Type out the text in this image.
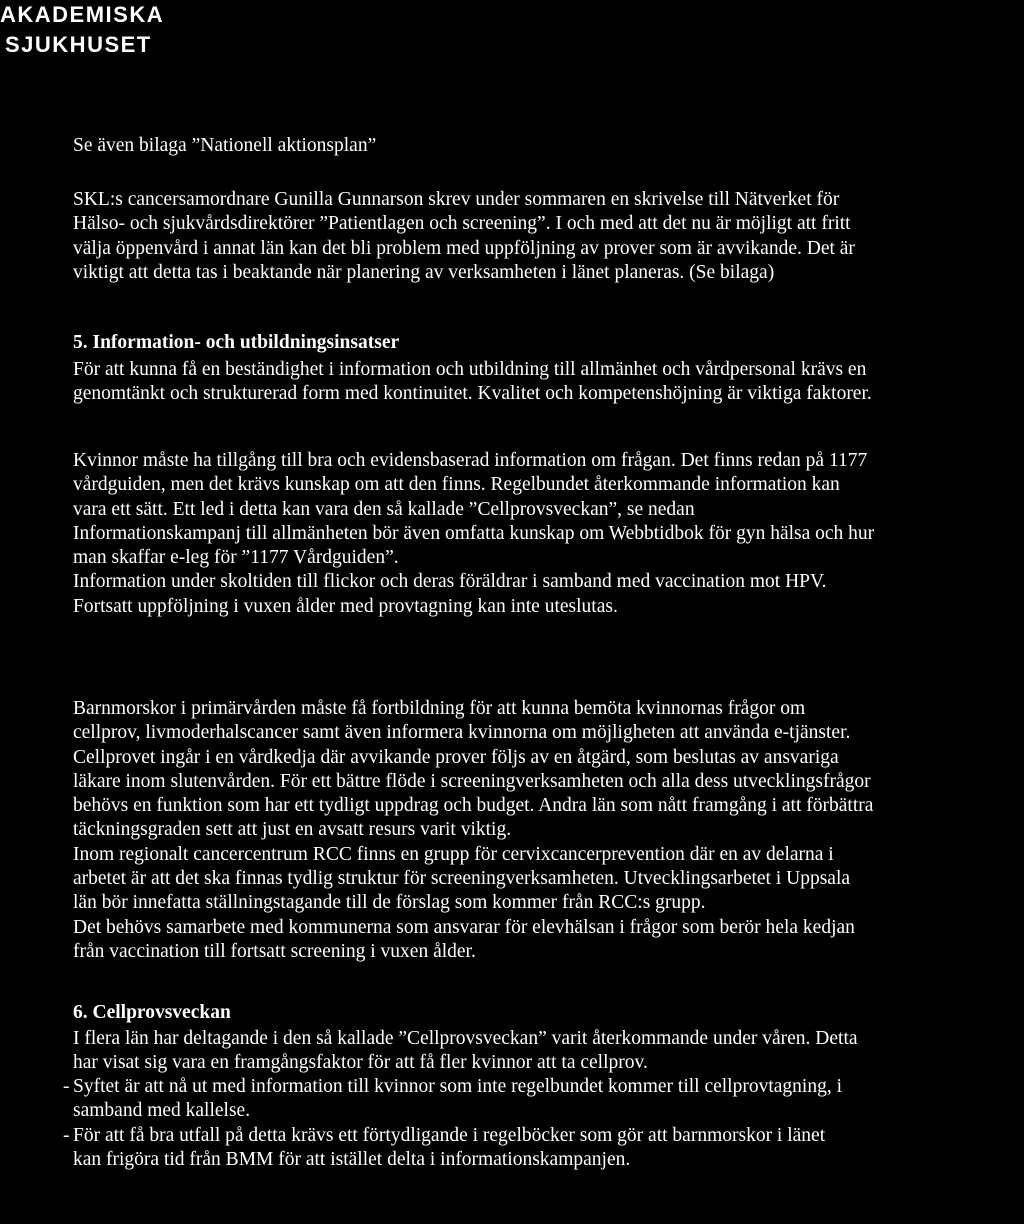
AKADEMISKA
SJUKHUSET
Se även bilaga ”Nationell aktionsplan”
SKL:s cancersamordnare Gunilla Gunnarson skrev under sommaren en skrivelse till Nätverket för
Hälso- och sjukvårdsdirektörer ”Patientlagen och screening”. I och med att det nu är möjligt att fritt
välja öppenvård i annat län kan det bli problem med uppföljning av prover som är avvikande. Det är
viktigt att detta tas i beaktande när planering av verksamheten i länet planeras. (Se bilaga)
5. Information- och utbildningsinsatser
För att kunna få en beständighet i information och utbildning till allmänhet och vårdpersonal krävs en
genomtänkt och strukturerad form med kontinuitet. Kvalitet och kompetenshöjning är viktiga faktorer.
Kvinnor måste ha tillgång till bra och evidensbaserad information om frågan. Det finns redan på 1177
vårdguiden, men det krävs kunskap om att den finns. Regelbundet återkommande information kan
vara ett sätt. Ett led i detta kan vara den så kallade ”Cellprovsveckan”, se nedan
Informationskampanj till allmänheten bör även omfatta kunskap om Webbtidbok för gyn hälsa och hur
man skaffar e-leg för ”1177 Vårdguiden”.
Information under skoltiden till flickor och deras föräldrar i samband med vaccination mot HPV.
Fortsatt uppföljning i vuxen ålder med provtagning kan inte uteslutas.
Barnmorskor i primärvården måste få fortbildning för att kunna bemöta kvinnornas frågor om
cellprov, livmoderhalscancer samt även informera kvinnorna om möjligheten att använda e-tjänster.
Cellprovet ingår i en vårdkedja där avvikande prover följs av en åtgärd, som beslutas av ansvariga
läkare inom slutenvården. För ett bättre flöde i screeningverksamheten och alla dess utvecklingsfrågor
behövs en funktion som har ett tydligt uppdrag och budget. Andra län som nått framgång i att förbättra
täckningsgraden sett att just en avsatt resurs varit viktig.
Inom regionalt cancercentrum RCC finns en grupp för cervixcancerprevention där en av delarna i
arbetet är att det ska finnas tydlig struktur för screeningverksamheten. Utvecklingsarbetet i Uppsala
län bör innefatta ställningstagande till de förslag som kommer från RCC:s grupp.
Det behövs samarbete med kommunerna som ansvarar för elevhälsan i frågor som berör hela kedjan
från vaccination till fortsatt screening i vuxen ålder.
6. Cellprovsveckan
I flera län har deltagande i den så kallade ”Cellprovsveckan” varit återkommande under våren. Detta
har visat sig vara en framgångsfaktor för att få fler kvinnor att ta cellprov.
- Syftet är att nå ut med information till kvinnor som inte regelbundet kommer till cellprovtagning, i
samband med kallelse.
- För att få bra utfall på detta krävs ett förtydligande i regelböcker som gör att barnmorskor i länet
kan frigöra tid från BMM för att istället delta i informationskampanjen.
